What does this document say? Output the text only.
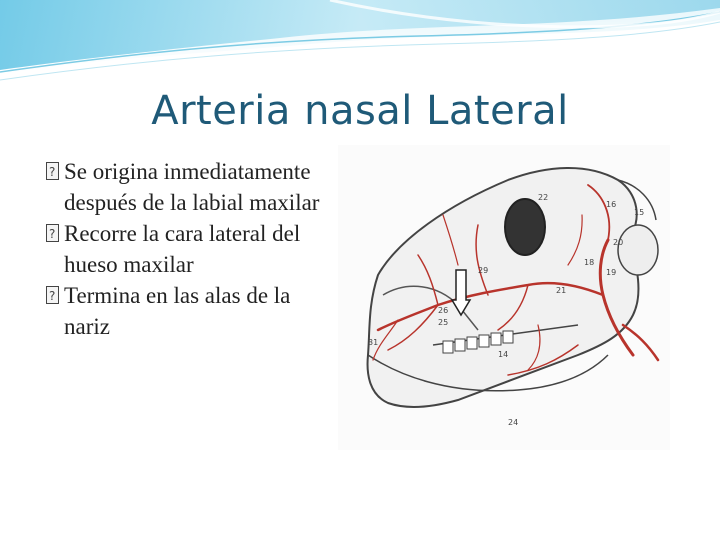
Arteria nasal Lateral
?
Se origina inmediatamente después de la labial maxilar
?
Recorre la cara lateral del hueso maxilar
?
Termina en las alas de la nariz
22
16
15
20
18
19
29
21
26
25
31
24
14
